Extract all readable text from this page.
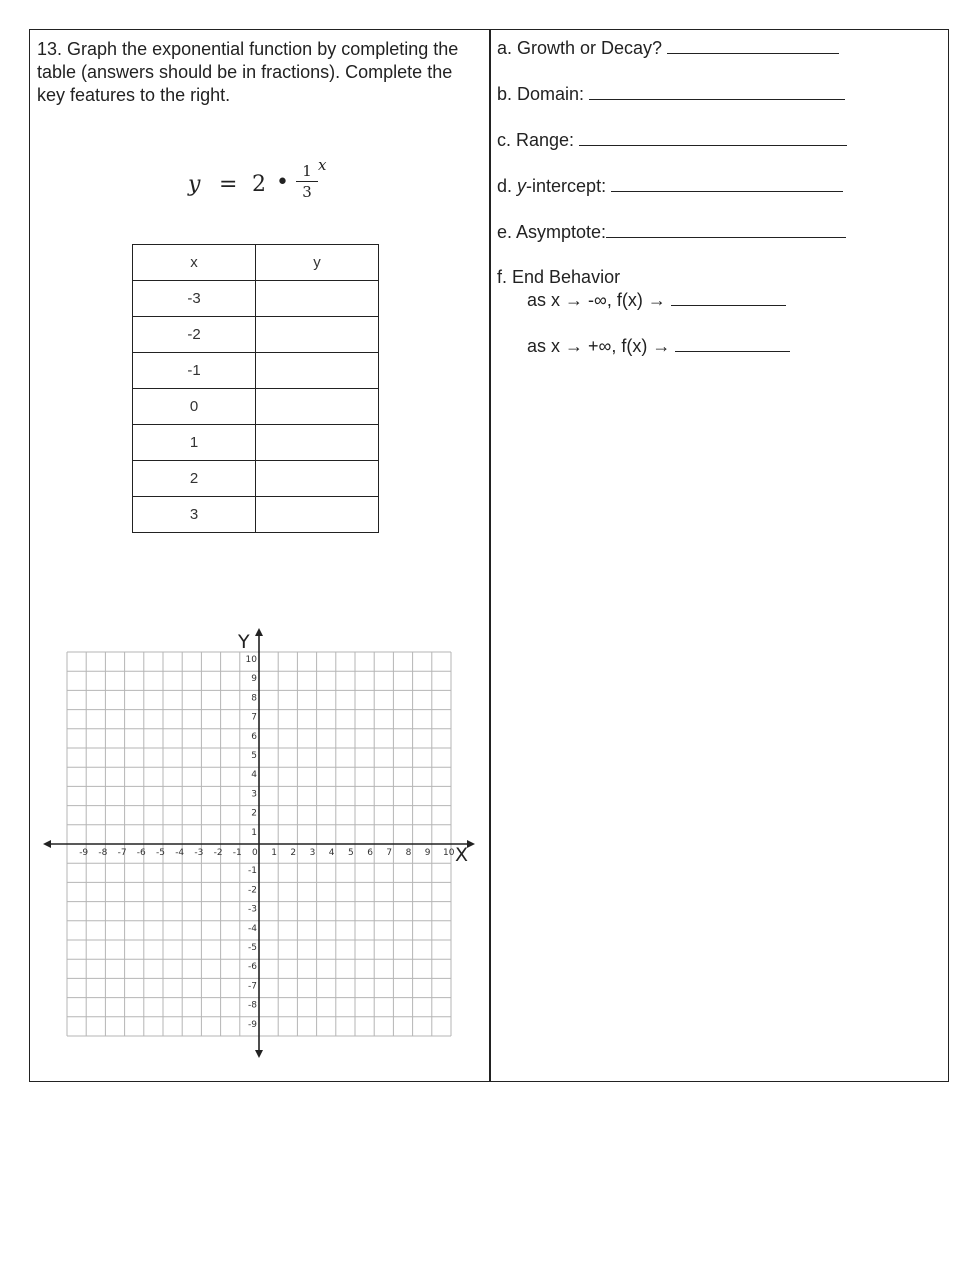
13. Graph the exponential function by completing the table (answers should be in fractions). Complete the key features to the right.

y = 2 • $\frac{1}{3}$ x
x	y
-3	
-2	
-1	
0	
1	
2	
3	
a. Growth or Decay?
b. Domain:
c. Range:
d. y-intercept:
e. Asymptote:
f. End Behavior
as x → -∞, f(x) →
as x → +∞, f(x) →
-9 -8 -7 -6 -5 -4 -3 -2 -1 0 1 2 3 4 5 6 7 8 9 10
10
9
8
7
6
5
4
3
2
1
-1
-2
-3
-4
-5
-6
-7
-8
-9
X
Y
